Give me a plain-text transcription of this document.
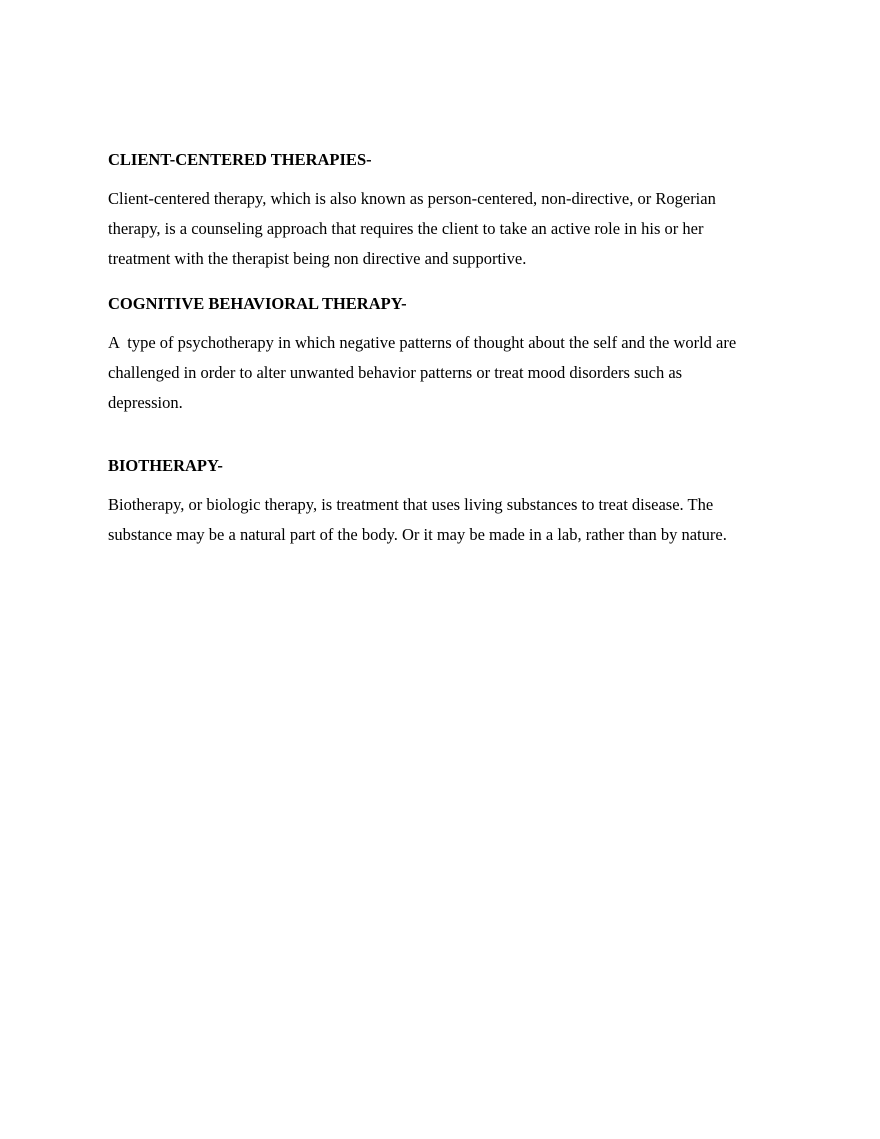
CLIENT-CENTERED THERAPIES-

Client-centered therapy, which is also known as person-centered, non-directive, or Rogerian

therapy, is a counseling approach that requires the client to take an active role in his or her

treatment with the therapist being non directive and supportive.

COGNITIVE BEHAVIORAL THERAPY-

A  type of psychotherapy in which negative patterns of thought about the self and the world are

challenged in order to alter unwanted behavior patterns or treat mood disorders such as

depression.

BIOTHERAPY-

Biotherapy, or biologic therapy, is treatment that uses living substances to treat disease. The

substance may be a natural part of the body. Or it may be made in a lab, rather than by nature.
